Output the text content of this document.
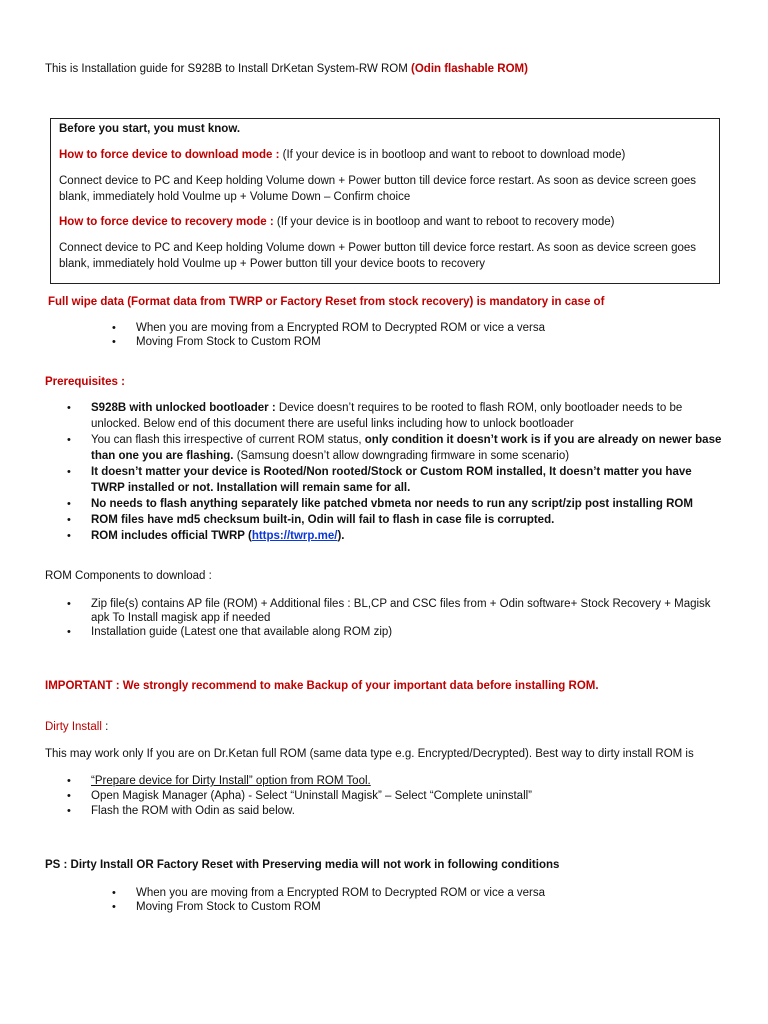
This is Installation guide for S928B to Install DrKetan System-RW ROM (Odin flashable ROM)

Before you start, you must know.

How to force device to download mode : (If your device is in bootloop and want to reboot to download mode)

Connect device to PC and Keep holding Volume down + Power button till device force restart. As soon as device screen goes blank, immediately hold Voulme up + Volume Down – Confirm choice

How to force device to recovery mode : (If your device is in bootloop and want to reboot to recovery mode)

Connect device to PC and Keep holding Volume down + Power button till device force restart. As soon as device screen goes blank, immediately hold Voulme up + Power button till your device boots to recovery

Full wipe data (Format data from TWRP or Factory Reset from stock recovery) is mandatory in case of

• When you are moving from a Encrypted ROM to Decrypted ROM or vice a versa
• Moving From Stock to Custom ROM

Prerequisites :

• S928B with unlocked bootloader : Device doesn’t requires to be rooted to flash ROM, only bootloader needs to be unlocked. Below end of this document there are useful links including how to unlock bootloader
• You can flash this irrespective of current ROM status, only condition it doesn’t work is if you are already on newer base than one you are flashing. (Samsung doesn’t allow downgrading firmware in some scenario)
• It doesn’t matter your device is Rooted/Non rooted/Stock or Custom ROM installed, It doesn’t matter you have TWRP installed or not. Installation will remain same for all.
• No needs to flash anything separately like patched vbmeta nor needs to run any script/zip post installing ROM
• ROM files have md5 checksum built-in, Odin will fail to flash in case file is corrupted.
• ROM includes official TWRP (https://twrp.me/).

ROM Components to download :

• Zip file(s) contains AP file (ROM) + Additional files : BL,CP and CSC files from + Odin software+ Stock Recovery + Magisk apk To Install magisk app if needed
• Installation guide (Latest one that available along ROM zip)

IMPORTANT : We strongly recommend to make Backup of your important data before installing ROM.

Dirty Install :

This may work only If you are on Dr.Ketan full ROM (same data type e.g. Encrypted/Decrypted). Best way to dirty install ROM is

• “Prepare device for Dirty Install” option from ROM Tool.
• Open Magisk Manager (Apha) - Select “Uninstall Magisk” – Select “Complete uninstall”
• Flash the ROM with Odin as said below.

PS : Dirty Install OR Factory Reset with Preserving media will not work in following conditions

• When you are moving from a Encrypted ROM to Decrypted ROM or vice a versa
• Moving From Stock to Custom ROM
